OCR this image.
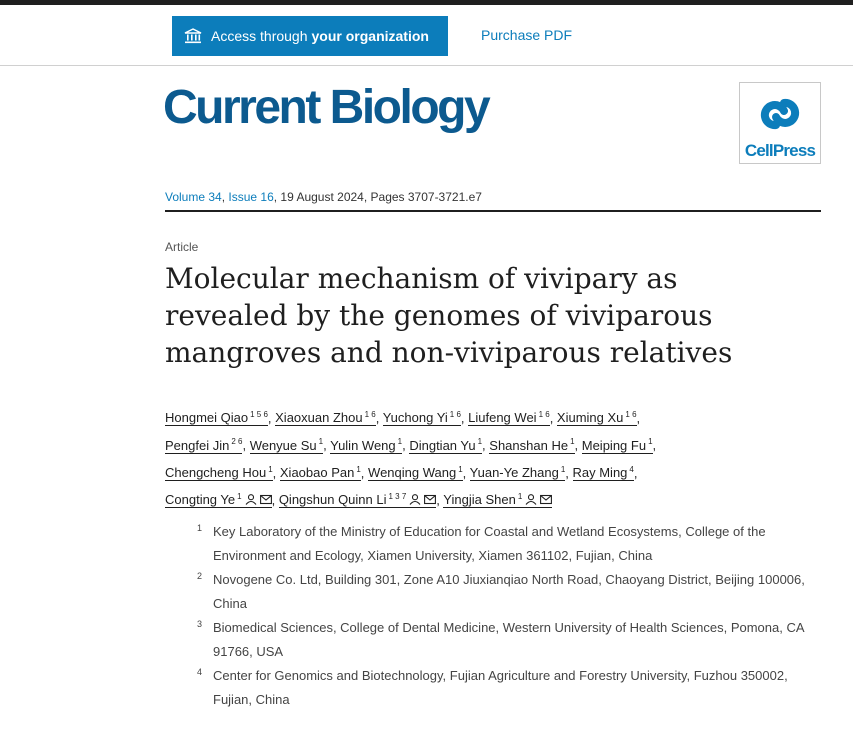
Access through your organization	Purchase PDF
Current Biology
CellPress
Volume 34, Issue 16, 19 August 2024, Pages 3707-3721.e7
Article
Molecular mechanism of vivipary as revealed by the genomes of viviparous mangroves and non-viviparous relatives
Hongmei Qiao $^{1 5 6}$, Xiaoxuan Zhou $^{1 6}$, Yuchong Yi $^{1 6}$, Liufeng Wei $^{1 6}$, Xiuming Xu $^{1 6}$,
Pengfei Jin $^{2 6}$, Wenyue Su $^1$, Yulin Weng $^1$, Dingtian Yu $^1$, Shanshan He $^1$, Meiping Fu $^1$,
Chengcheng Hou $^1$, Xiaobao Pan $^1$, Wenqing Wang $^1$, Yuan-Ye Zhang $^1$, Ray Ming $^4$,
Congting Ye $^1$ , Qingshun Quinn Li $^{1 3 7}$ , Yingjia Shen $^1$
1 Key Laboratory of the Ministry of Education for Coastal and Wetland Ecosystems, College of the Environment and Ecology, Xiamen University, Xiamen 361102, Fujian, China
2 Novogene Co. Ltd, Building 301, Zone A10 Jiuxianqiao North Road, Chaoyang District, Beijing 100006, China
3 Biomedical Sciences, College of Dental Medicine, Western University of Health Sciences, Pomona, CA 91766, USA
4 Center for Genomics and Biotechnology, Fujian Agriculture and Forestry University, Fuzhou 350002, Fujian, China
